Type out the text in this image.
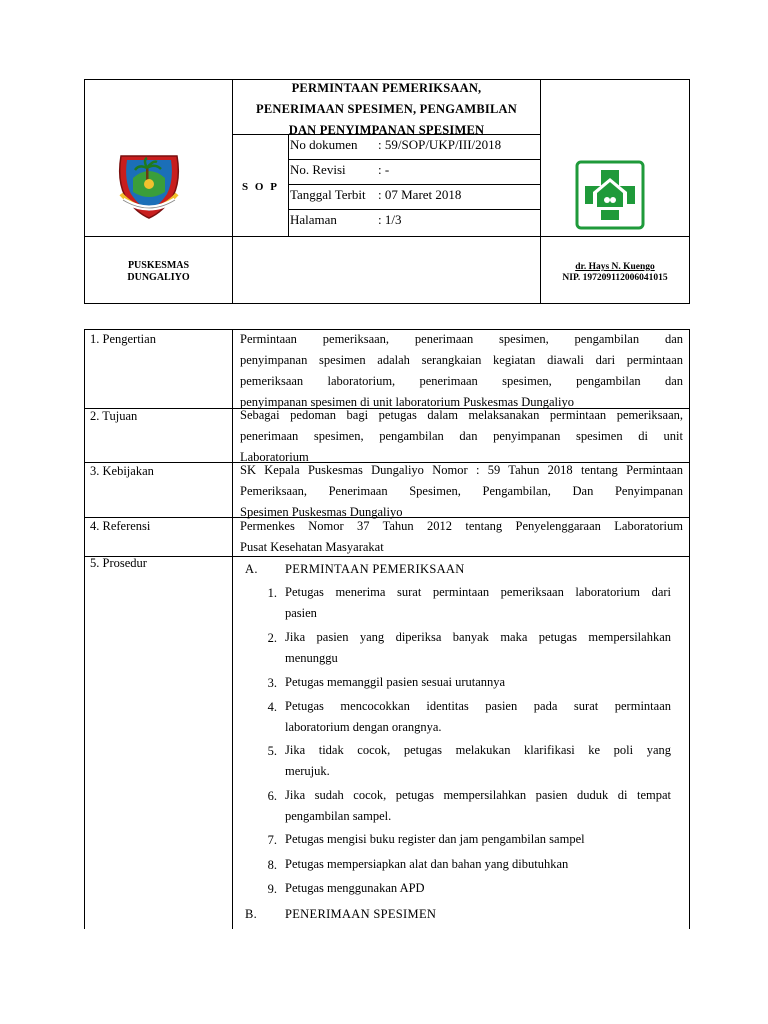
PERMINTAAN PEMERIKSAAN,
PENERIMAAN SPESIMEN, PENGAMBILAN
DAN PENYIMPANAN SPESIMEN
S O P
No dokumen : 59/SOP/UKP/III/2018
No. Revisi : -
Tanggal Terbit : 07 Maret 2018
Halaman	: 1/3
PUSKESMAS
DUNGALIYO
dr. Hays N. Kuengo
NIP. 197209112006041015
1. Pengertian	Permintaan pemeriksaan, penerimaan spesimen, pengambilan dan
penyimpanan spesimen adalah serangkaian kegiatan diawali dari permintaan
pemeriksaan laboratorium, penerimaan spesimen, pengambilan dan
penyimpanan spesimen di unit laboratorium Puskesmas Dungaliyo
2. Tujuan	Sebagai pedoman bagi petugas dalam melaksanakan permintaan pemeriksaan,
penerimaan spesimen, pengambilan dan penyimpanan spesimen di unit
Laboratorium
3. Kebijakan	SK Kepala Puskesmas Dungaliyo Nomor : 59 Tahun 2018 tentang Permintaan
Pemeriksaan, Penerimaan Spesimen, Pengambilan, Dan Penyimpanan
Spesimen Puskesmas Dungaliyo
4. Referensi	Permenkes Nomor 37 Tahun 2012 tentang Penyelenggaraan Laboratorium
Pusat Kesehatan Masyarakat
5. Prosedur	A. PERMINTAAN PEMERIKSAAN
1. Petugas menerima surat permintaan pemeriksaan laboratorium dari
pasien
2. Jika pasien yang diperiksa banyak maka petugas mempersilahkan
menunggu
3. Petugas memanggil pasien sesuai urutannya
4. Petugas mencocokkan identitas pasien pada surat permintaan
laboratorium dengan orangnya.
5. Jika tidak cocok, petugas melakukan klarifikasi ke poli yang
merujuk.
6. Jika sudah cocok, petugas mempersilahkan pasien duduk di tempat
pengambilan sampel.
7. Petugas mengisi buku register dan jam pengambilan sampel
8. Petugas mempersiapkan alat dan bahan yang dibutuhkan
9. Petugas menggunakan APD
B. PENERIMAAN SPESIMEN
